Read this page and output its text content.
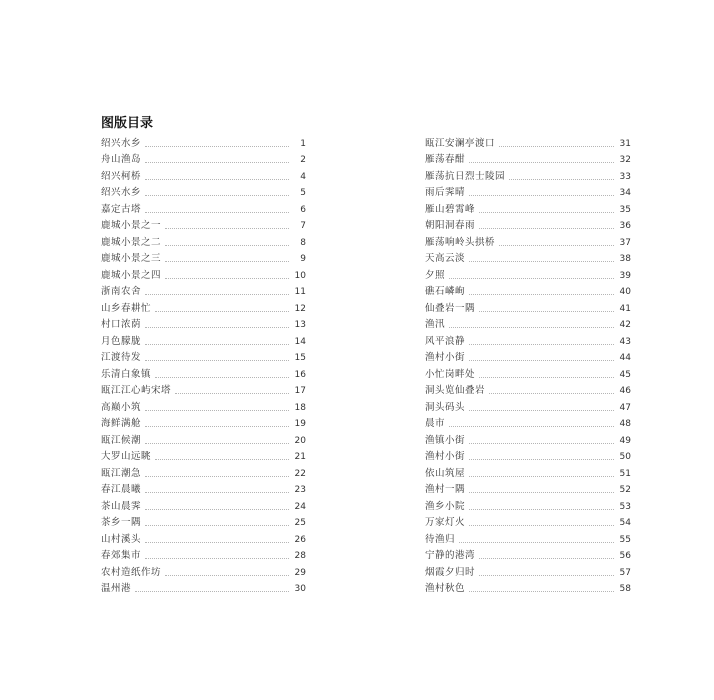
图版目录
绍兴水乡	1
舟山渔岛	2
绍兴柯桥	4
绍兴水乡	5
嘉定古塔	6
鹿城小景之一	7
鹿城小景之二	8
鹿城小景之三	9
鹿城小景之四	10
浙南农舍	11
山乡春耕忙	12
村口浓荫	13
月色朦胧	14
江渡待发	15
乐清白象镇	16
瓯江江心屿宋塔	17
高巅小筑	18
海鲜满舱	19
瓯江候潮	20
大罗山远眺	21
瓯江潮急	22
春江晨曦	23
茶山晨霁	24
茶乡一隅	25
山村溪头	26
春郊集市	28
农村造纸作坊	29
温州港	30
瓯江安澜亭渡口	31
雁荡春酣	32
雁荡抗日烈士陵园	33
雨后霁晴	34
雁山碧霄峰	35
朝阳洞春雨	36
雁荡响岭头拱桥	37
天高云淡	38
夕照	39
礁石嶙峋	40
仙叠岩一隅	41
渔汛	42
风平浪静	43
渔村小街	44
小忙岗畔处	45
洞头览仙叠岩	46
洞头码头	47
晨市	48
渔镇小街	49
渔村小街	50
依山筑屋	51
渔村一隅	52
渔乡小院	53
万家灯火	54
待渔归	55
宁静的港湾	56
烟霞夕归时	57
渔村秋色	58
